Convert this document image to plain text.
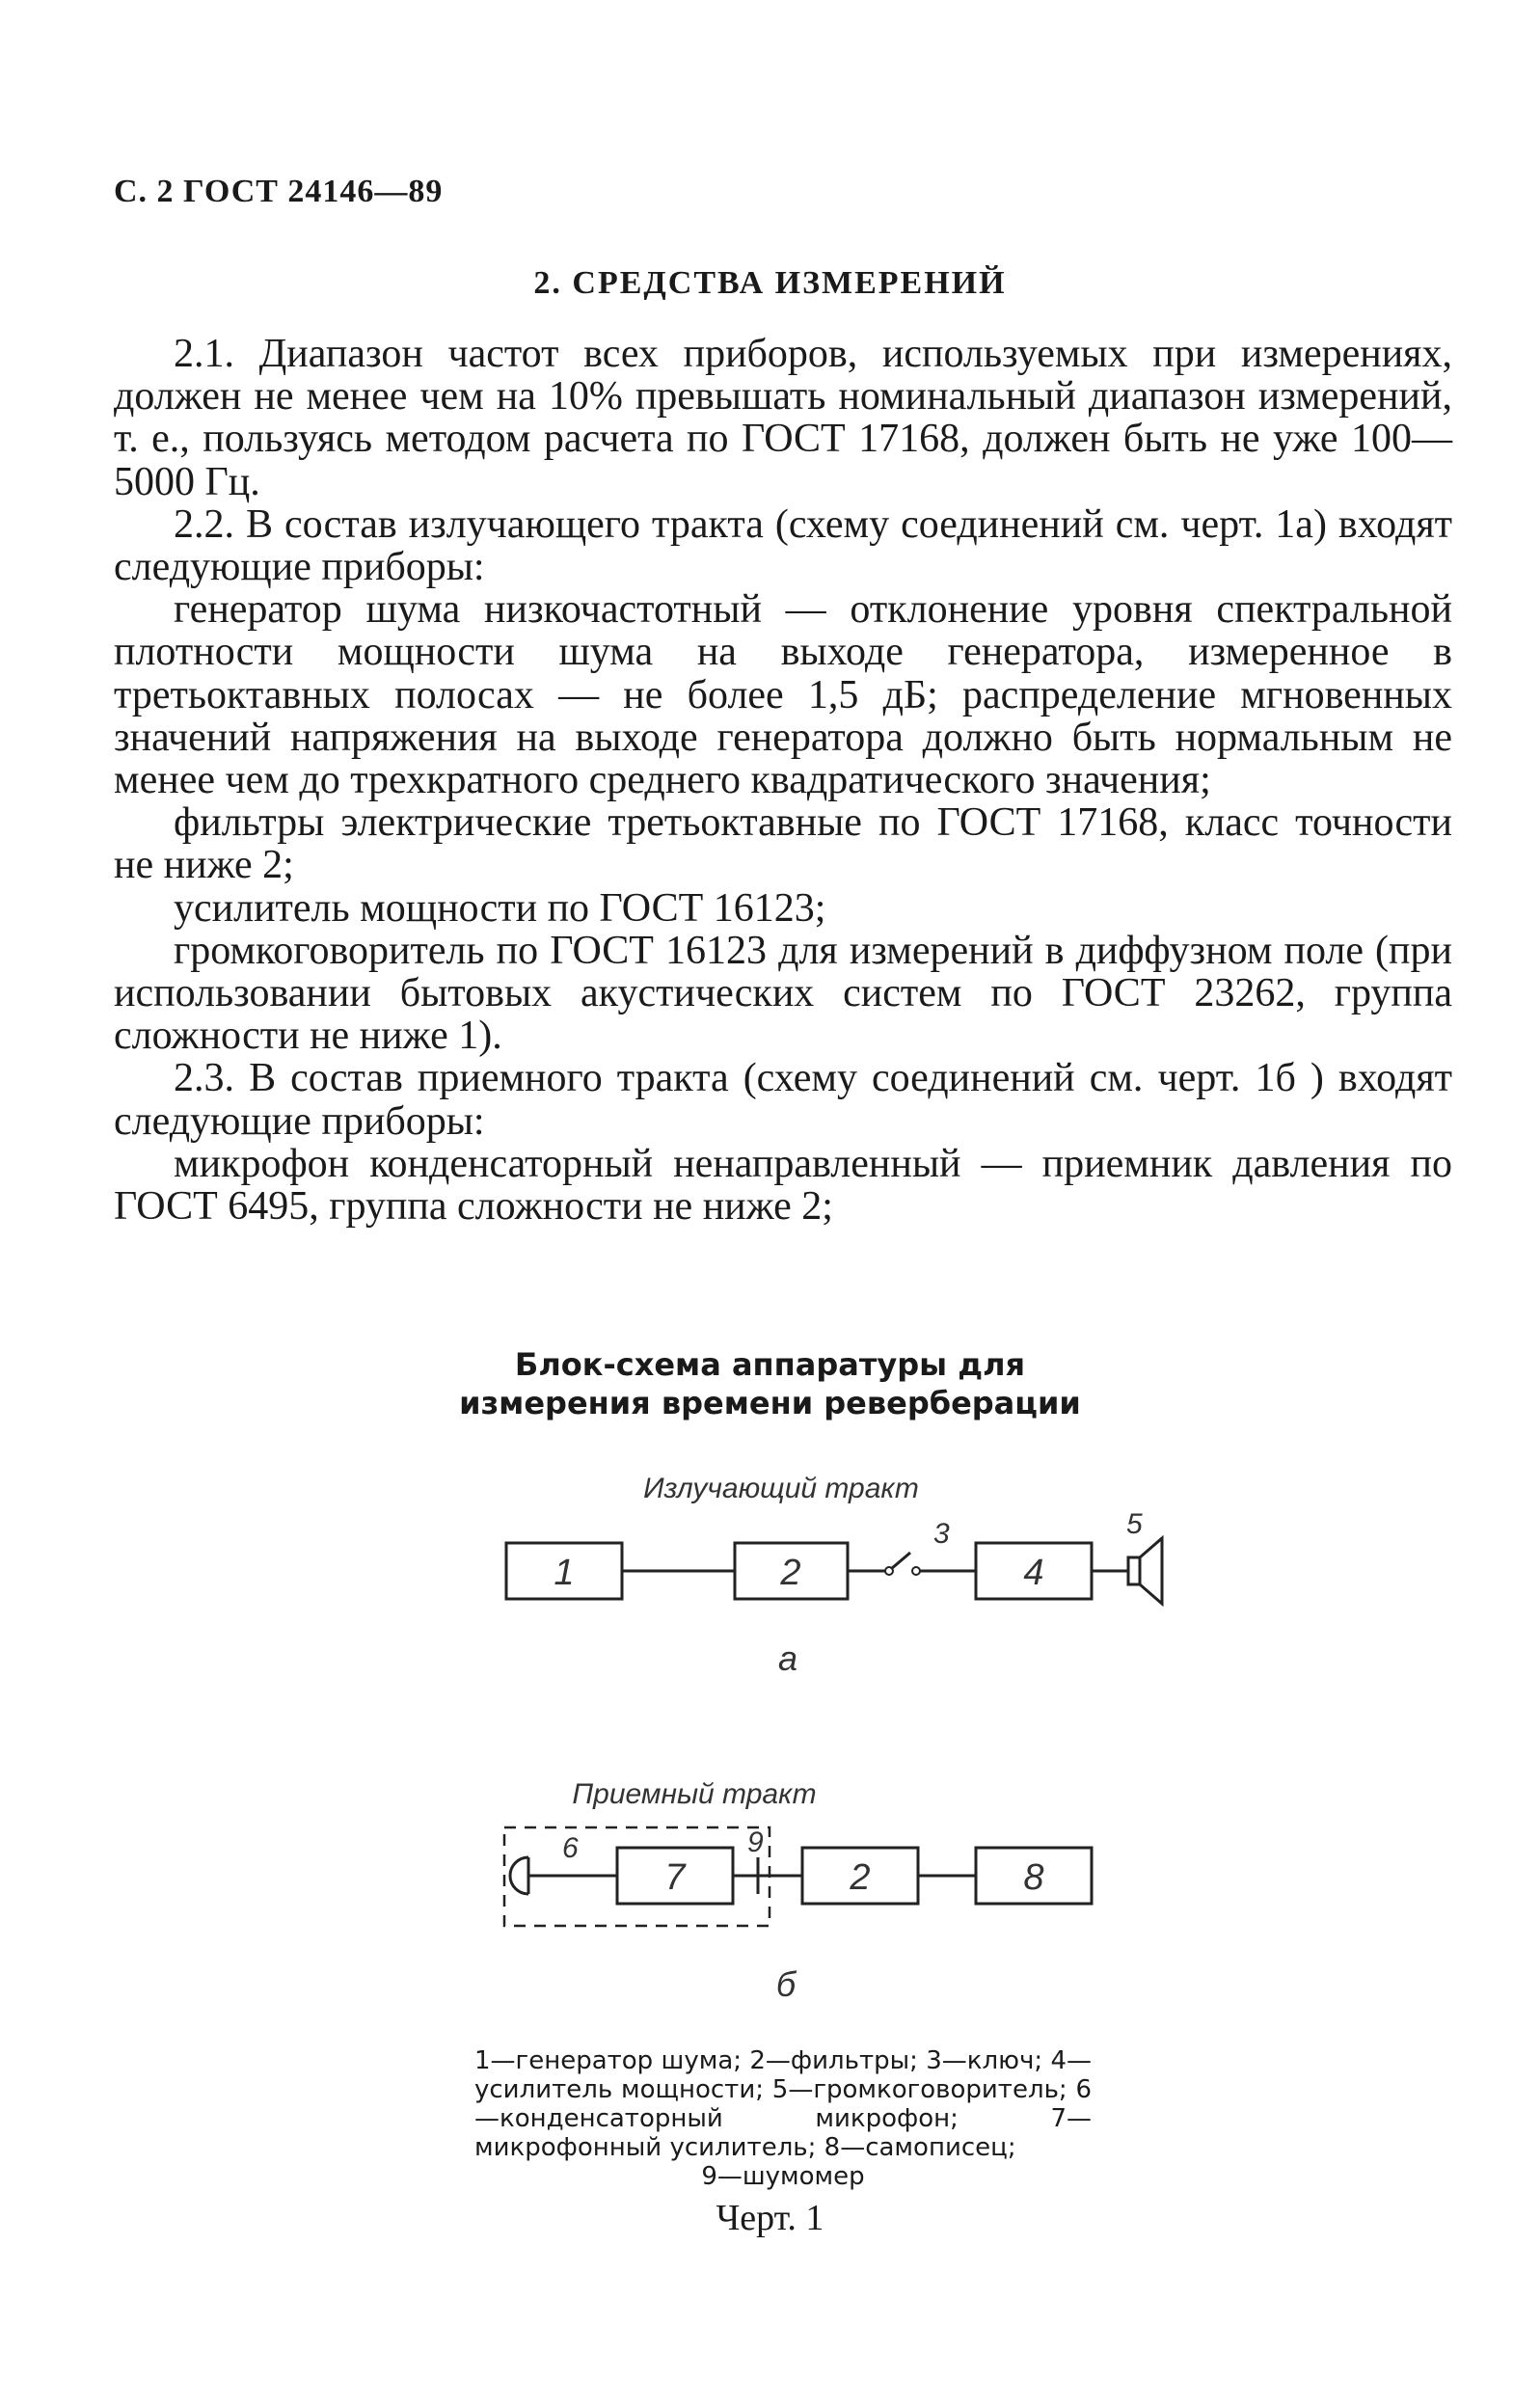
С. 2 ГОСТ 24146—89
2. СРЕДСТВА ИЗМЕРЕНИЙ

2.1. Диапазон частот всех приборов, используемых при измерениях, должен не менее чем на 10% превышать номинальный диапазон измерений, т. е., пользуясь методом расчета по ГОСТ 17168, должен быть не уже 100—5000 Гц.

2.2. В состав излучающего тракта (схему соединений см. черт. 1а) входят следующие приборы:

генератор шума низкочастотный — отклонение уровня спектральной плотности мощности шума на выходе генератора, измеренное в третьоктавных полосах — не более 1,5 дБ; распределение мгновенных значений напряжения на выходе генератора должно быть нормальным не менее чем до трехкратного среднего квадратического значения;

фильтры электрические третьоктавные по ГОСТ 17168, класс точности не ниже 2;

усилитель мощности по ГОСТ 16123;

громкоговоритель по ГОСТ 16123 для измерений в диффузном поле (при использовании бытовых акустических систем по ГОСТ 23262, группа сложности не ниже 1).

2.3. В состав приемного тракта (схему соединений см. черт. 1б ) входят следующие приборы:

микрофон конденсаторный ненаправленный — приемник давления по ГОСТ 6495, группа сложности не ниже 2;

Блок-схема аппаратуры для
измерения времени реверберации
Излучающий тракт
1	2
3
4
5
а
Приемный тракт
6
7
9
2	8
б
1—генератор шума; 2—фильтры; 3—ключ; 4—усилитель мощности; 5—громкоговоритель; 6—конденсаторный микрофон; 7—микрофонный усилитель; 8—самописец;
9—шумомер
Черт. 1
